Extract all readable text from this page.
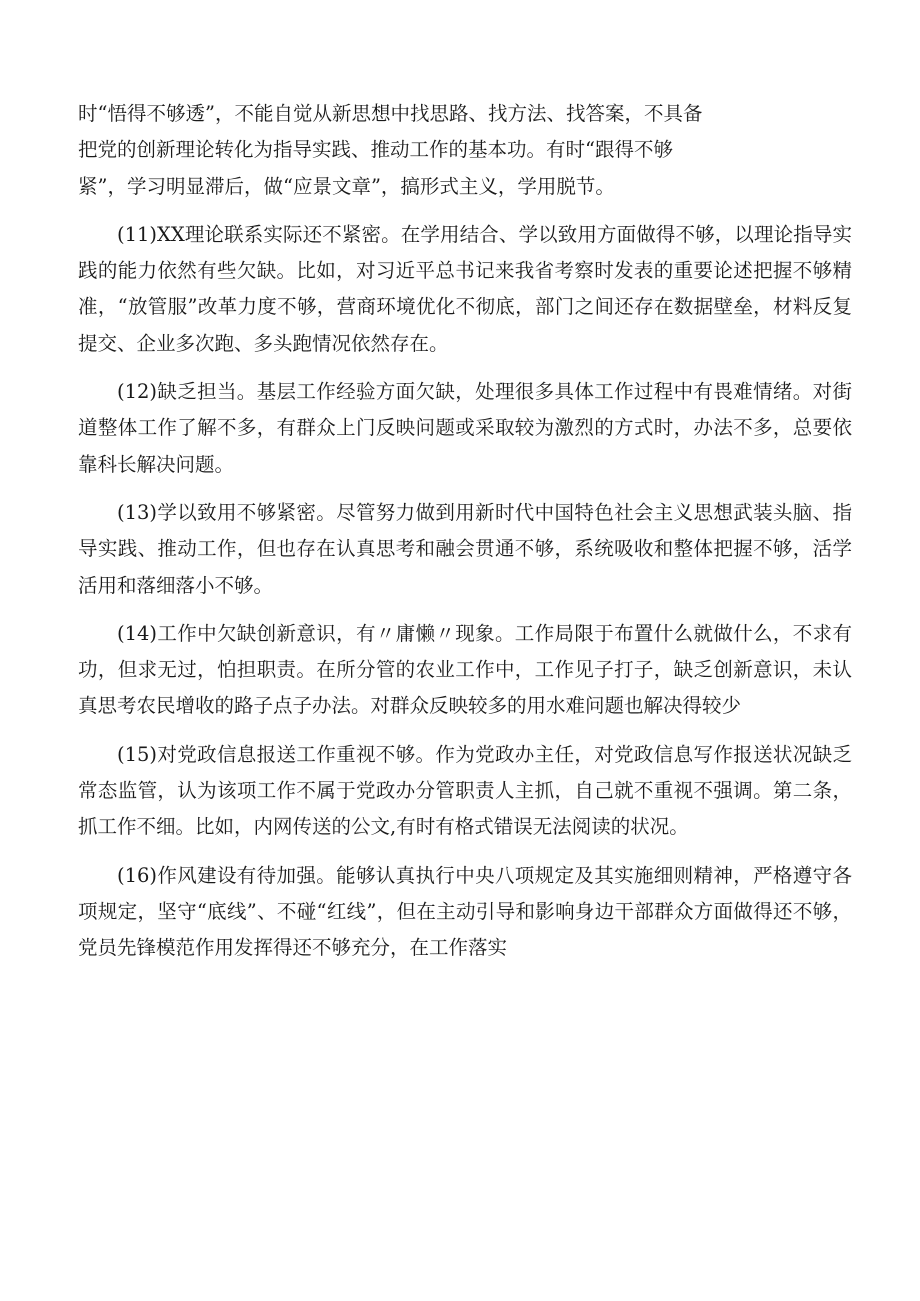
时“悟得不够透”，不能自觉从新思想中找思路、找方法、找答案，不具备
把党的创新理论转化为指导实践、推动工作的基本功。有时“跟得不够
紧”，学习明显滞后，做“应景文章”，搞形式主义，学用脱节。

(11)XX理论联系实际还不紧密。在学用结合、学以致用方面做得不够，以理论指导实践的能力依然有些欠缺。比如，对习近平总书记来我省考察时发表的重要论述把握不够精准，“放管服”改革力度不够，营商环境优化不彻底，部门之间还存在数据壁垒，材料反复提交、企业多次跑、多头跑情况依然存在。

(12)缺乏担当。基层工作经验方面欠缺，处理很多具体工作过程中有畏难情绪。对街道整体工作了解不多，有群众上门反映问题或采取较为激烈的方式时，办法不多，总要依靠科长解决问题。

(13)学以致用不够紧密。尽管努力做到用新时代中国特色社会主义思想武装头脑、指导实践、推动工作，但也存在认真思考和融会贯通不够，系统吸收和整体把握不够，活学活用和落细落小不够。

(14)工作中欠缺创新意识，有〃庸懒〃现象。工作局限于布置什么就做什么，不求有功，但求无过，怕担职责。在所分管的农业工作中，工作见子打子，缺乏创新意识，未认真思考农民增收的路子点子办法。对群众反映较多的用水难问题也解决得较少

(15)对党政信息报送工作重视不够。作为党政办主任，对党政信息写作报送状况缺乏常态监管，认为该项工作不属于党政办分管职责人主抓，自己就不重视不强调。第二条，抓工作不细。比如，内网传送的公文,有时有格式错误无法阅读的状况。

(16)作风建设有待加强。能够认真执行中央八项规定及其实施细则精神，严格遵守各项规定，坚守“底线”、不碰“红线”，但在主动引导和影响身边干部群众方面做得还不够，党员先锋模范作用发挥得还不够充分，在工作落实
